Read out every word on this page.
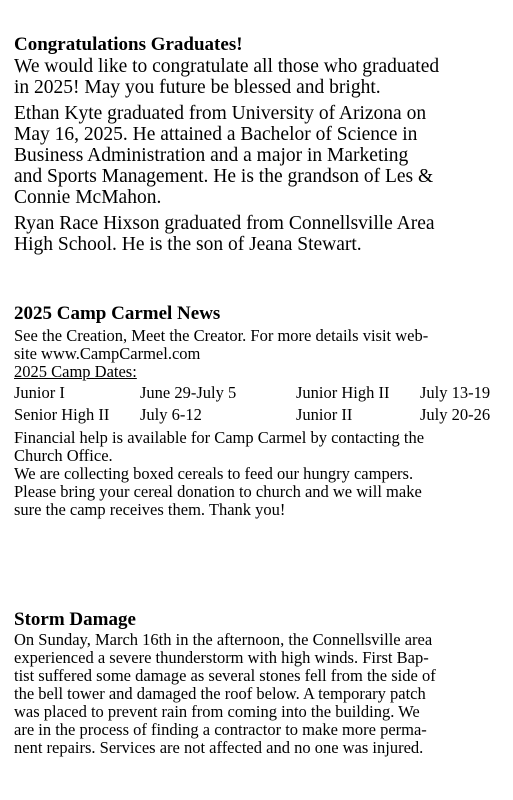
Congratulations Graduates!
We would like to congratulate all those who graduated
in 2025! May you future be blessed and bright.
Ethan Kyte graduated from University of Arizona on
May 16, 2025. He attained a Bachelor of Science in
Business Administration and a major in Marketing
and Sports Management. He is the grandson of Les &
Connie McMahon.
Ryan Race Hixson graduated from Connellsville Area
High School. He is the son of Jeana Stewart.
2025 Camp Carmel News
See the Creation, Meet the Creator. For more details visit web-
site www.CampCarmel.com
2025 Camp Dates:
Junior I	June 29-July 5	Junior High II July 13-19
Senior High II July 6-12	Junior II	July 20-26
Financial help is available for Camp Carmel by contacting the
Church Office.
We are collecting boxed cereals to feed our hungry campers.
Please bring your cereal donation to church and we will make
sure the camp receives them. Thank you!
Storm Damage
On Sunday, March 16th in the afternoon, the Connellsville area
experienced a severe thunderstorm with high winds. First Bap-
tist suffered some damage as several stones fell from the side of
the bell tower and damaged the roof below. A temporary patch
was placed to prevent rain from coming into the building. We
are in the process of finding a contractor to make more perma-
nent repairs. Services are not affected and no one was injured.
